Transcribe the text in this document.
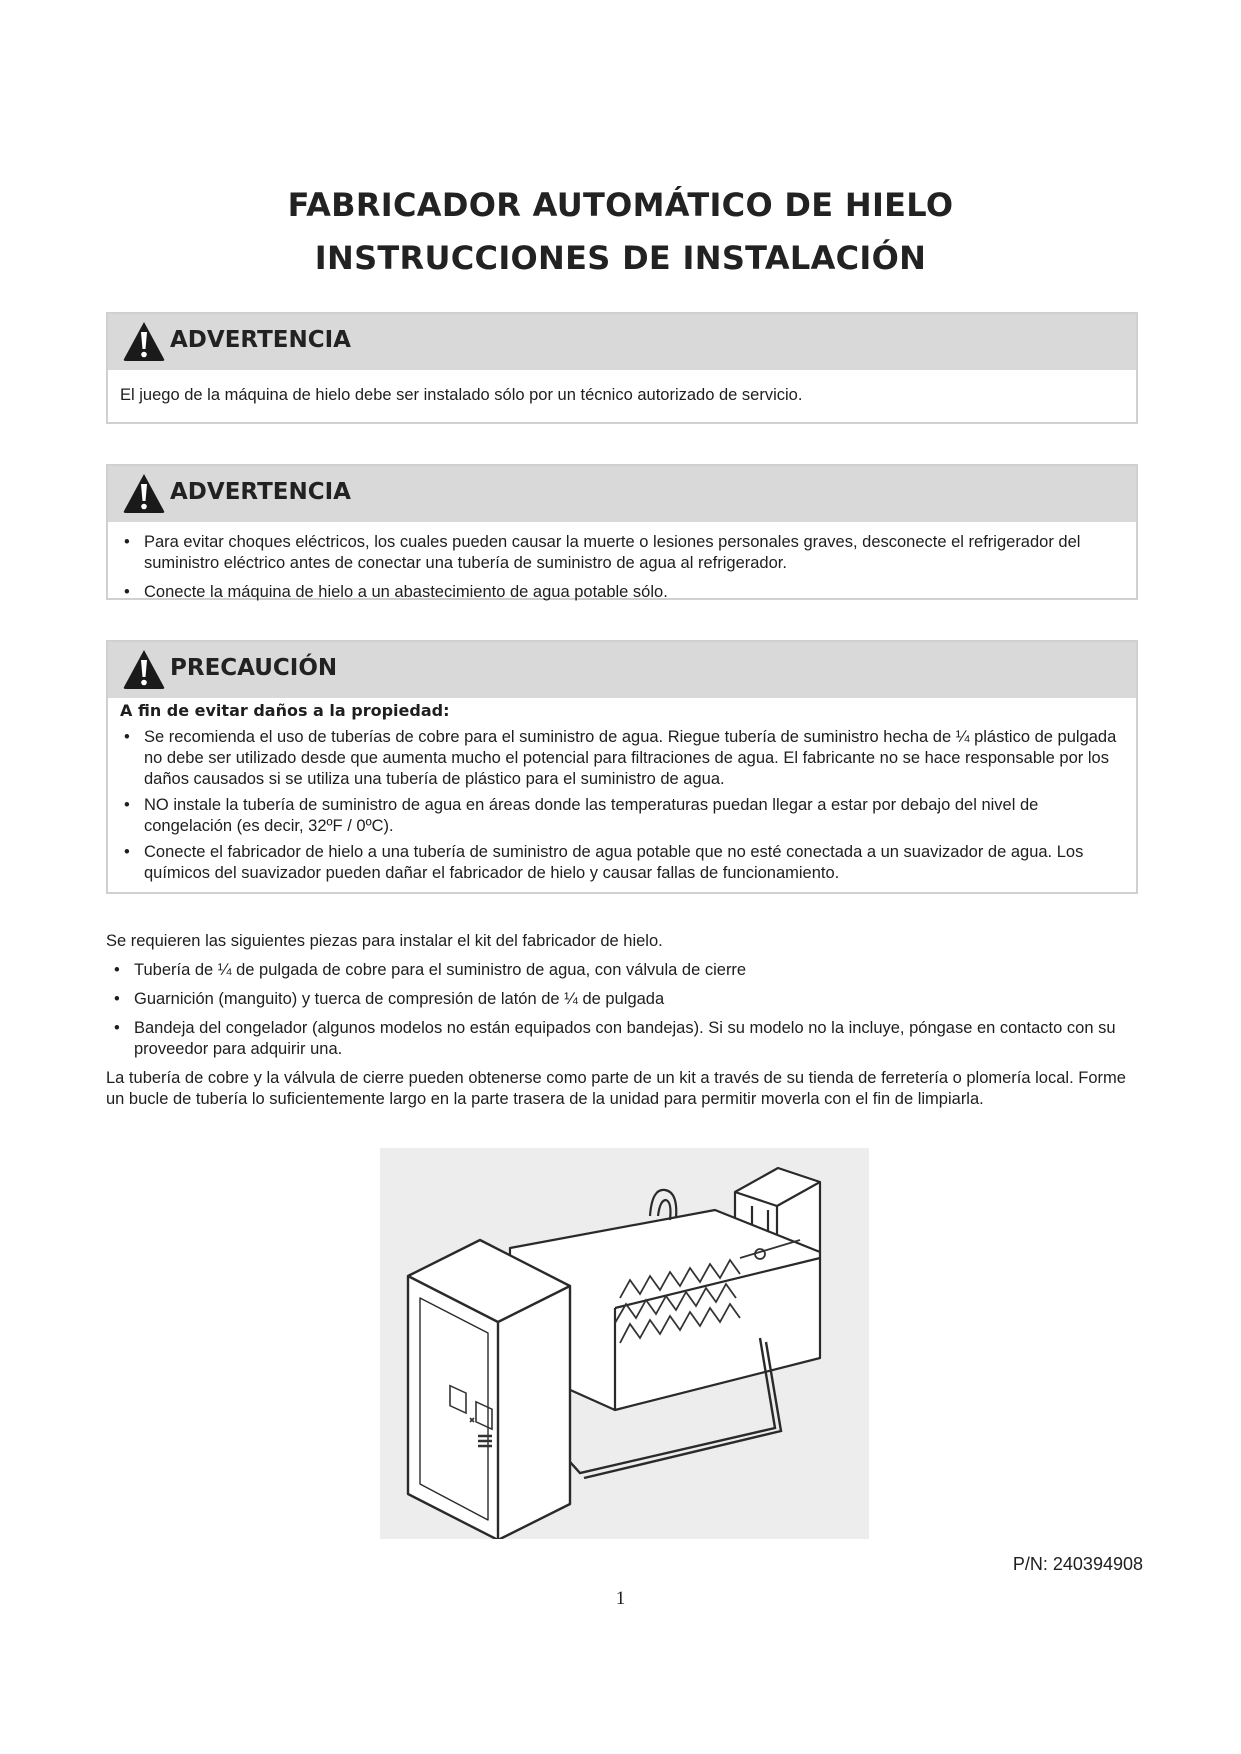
FABRICADOR AUTOMÁTICO DE HIELO
INSTRUCCIONES DE INSTALACIÓN
ADVERTENCIA

El juego de la máquina de hielo debe ser instalado sólo por un técnico autorizado de servicio.

ADVERTENCIA
• Para evitar choques eléctricos, los cuales pueden causar la muerte o lesiones personales graves, desconecte el refrigerador del suministro eléctrico antes de conectar una tubería de suministro de agua al refrigerador.
• Conecte la máquina de hielo a un abastecimiento de agua potable sólo.
PRECAUCIÓN

A fin de evitar daños a la propiedad:

• Se recomienda el uso de tuberías de cobre para el suministro de agua. Riegue tubería de suministro hecha de ¼ plástico de pulgada no debe ser utilizado desde que aumenta mucho el potencial para filtraciones de agua. El fabricante no se hace responsable por los daños causados si se utiliza una tubería de plástico para el suministro de agua.
• NO instale la tubería de suministro de agua en áreas donde las temperaturas puedan llegar a estar por debajo del nivel de congelación (es decir, 32ºF / 0ºC).
• Conecte el fabricador de hielo a una tubería de suministro de agua potable que no esté conectada a un suavizador de agua. Los químicos del suavizador pueden dañar el fabricador de hielo y causar fallas de funcionamiento.

Se requieren las siguientes piezas para instalar el kit del fabricador de hielo.

• Tubería de ¼ de pulgada de cobre para el suministro de agua, con válvula de cierre
• Guarnición (manguito) y tuerca de compresión de latón de ¼ de pulgada
• Bandeja del congelador (algunos modelos no están equipados con bandejas). Si su modelo no la incluye, póngase en contacto con su proveedor para adquirir una.

La tubería de cobre y la válvula de cierre pueden obtenerse como parte de un kit a través de su tienda de ferretería o plomería local. Forme un bucle de tubería lo suficientemente largo en la parte trasera de la unidad para permitir moverla con el fin de limpiarla.

P/N: 240394908
1
